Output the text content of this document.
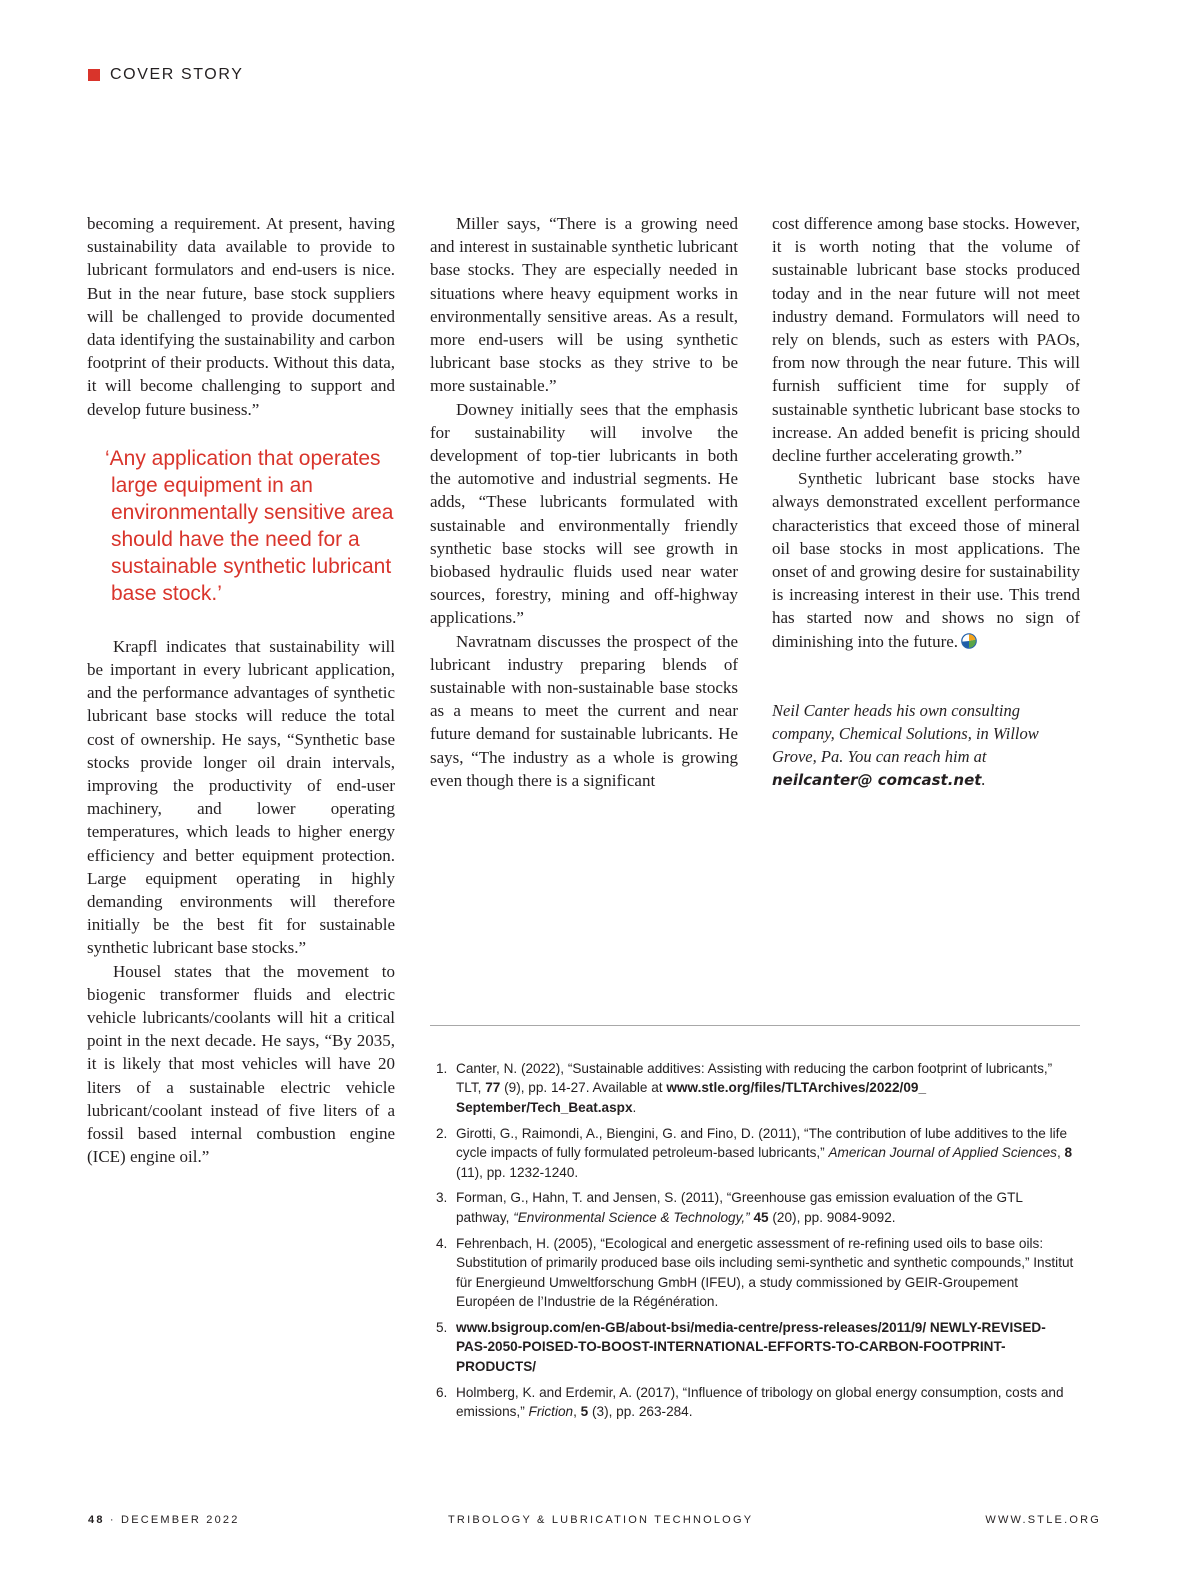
COVER STORY

becoming a requirement. At present, having sustainability data available to provide to lubricant formulators and end-users is nice. But in the near future, base stock suppliers will be challenged to provide documented data identifying the sustainability and carbon footprint of their products. Without this data, it will become challenging to support and develop future business.”

‘Any application that operates large equipment in an environmentally sensitive area should have the need for a sustainable synthetic lubricant base stock.’

Krapfl indicates that sustainability will be important in every lubricant application, and the performance advantages of synthetic lubricant base stocks will reduce the total cost of ownership. He says, “Synthetic base stocks provide longer oil drain intervals, improving the productivity of end-user machinery, and lower operating temperatures, which leads to higher energy efficiency and better equipment protection. Large equipment operating in highly demanding environments will therefore initially be the best fit for sustainable synthetic lubricant base stocks.”

Housel states that the movement to biogenic transformer fluids and electric vehicle lubricants/coolants will hit a critical point in the next decade. He says, “By 2035, it is likely that most vehicles will have 20 liters of a sustainable electric vehicle lubricant/coolant instead of five liters of a fossil based internal combustion engine (ICE) engine oil.”

Miller says, “There is a growing need and interest in sustainable synthetic lubricant base stocks. They are especially needed in situations where heavy equipment works in environmentally sensitive areas. As a result, more end-users will be using synthetic lubricant base stocks as they strive to be more sustainable.”

Downey initially sees that the emphasis for sustainability will involve the development of top-tier lubricants in both the automotive and industrial segments. He adds, “These lubricants formulated with sustainable and environmentally friendly synthetic base stocks will see growth in biobased hydraulic fluids used near water sources, forestry, mining and off-highway applications.”

Navratnam discusses the prospect of the lubricant industry preparing blends of sustainable with non-sustainable base stocks as a means to meet the current and near future demand for sustainable lubricants. He says, “The industry as a whole is growing even though there is a significant

cost difference among base stocks. However, it is worth noting that the volume of sustainable lubricant base stocks produced today and in the near future will not meet industry demand. Formulators will need to rely on blends, such as esters with PAOs, from now through the near future. This will furnish sufficient time for supply of sustainable synthetic lubricant base stocks to increase. An added benefit is pricing should decline further accelerating growth.”

Synthetic lubricant base stocks have always demonstrated excellent performance characteristics that exceed those of mineral oil base stocks in most applications. The onset of and growing desire for sustainability is increasing interest in their use. This trend has started now and shows no sign of diminishing into the future.

Neil Canter heads his own consulting company, Chemical Solutions, in Willow Grove, Pa. You can reach him at neilcanter@ comcast.net.
1. Canter, N. (2022), “Sustainable additives: Assisting with reducing the carbon footprint of lubricants,” TLT, 77 (9), pp. 14-27. Available at www.stle.org/files/TLTArchives/2022/09_ September/Tech_Beat.aspx.
2. Girotti, G., Raimondi, A., Biengini, G. and Fino, D. (2011), “The contribution of lube additives to the life cycle impacts of fully formulated petroleum-based lubricants,” American Journal of Applied Sciences, 8 (11), pp. 1232-1240.
3. Forman, G., Hahn, T. and Jensen, S. (2011), “Greenhouse gas emission evaluation of the GTL pathway, “Environmental Science & Technology,” 45 (20), pp. 9084-9092.
4. Fehrenbach, H. (2005), “Ecological and energetic assessment of re-refining used oils to base oils: Substitution of primarily produced base oils including semi-synthetic and synthetic compounds,” Institut für Energieund Umweltforschung GmbH (IFEU), a study commissioned by GEIR-Groupement Européen de l’Industrie de la Régénération.
5. www.bsigroup.com/en-GB/about-bsi/media-centre/press-releases/2011/9/ NEWLY-REVISED-PAS-2050-POISED-TO-BOOST-INTERNATIONAL-EFFORTS-TO-CARBON-FOOTPRINT-PRODUCTS/
6. Holmberg, K. and Erdemir, A. (2017), “Influence of tribology on global energy consumption, costs and emissions,” Friction, 5 (3), pp. 263-284.
48 · DECEMBER 2022	TRIBOLOGY & LUBRICATION TECHNOLOGY	WWW.STLE.ORG
